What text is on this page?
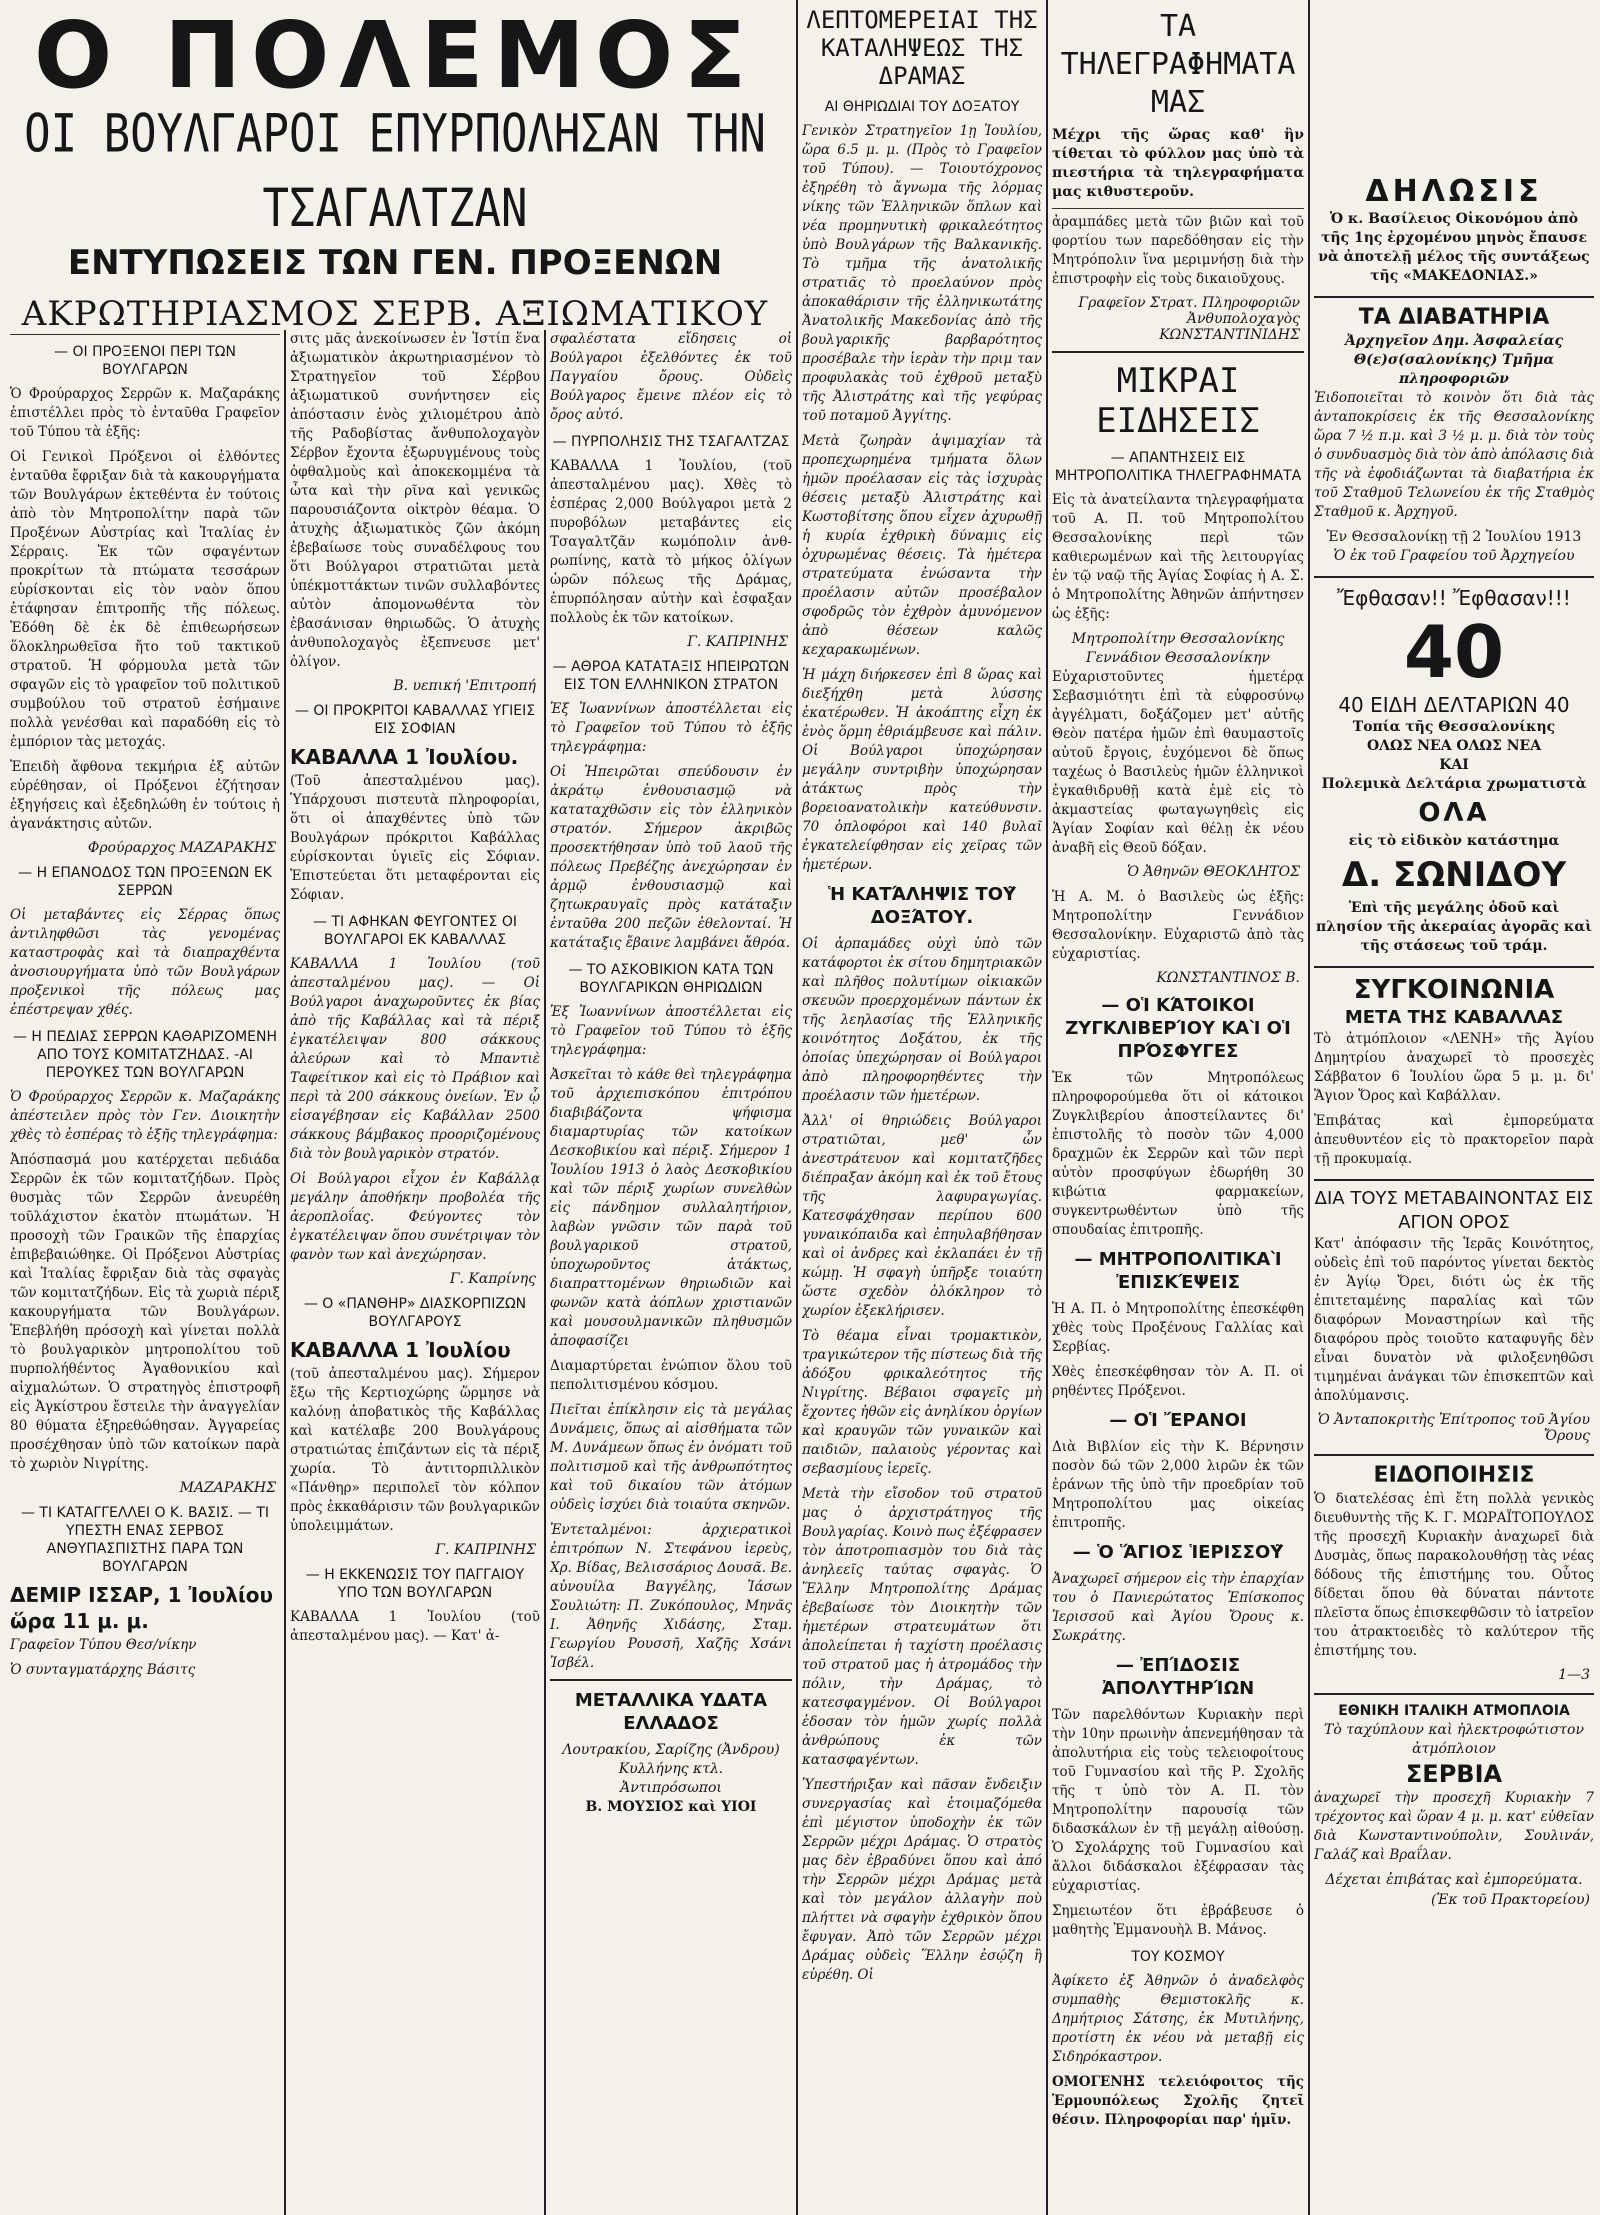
Ο ΠΟΛΕΜΟΣ
ΟΙ ΒΟΥΛΓΑΡΟΙ ΕΠΥΡΠΟΛΗΣΑΝ ΤΗΝ ΤΣΑΓΑΛΤΖΑΝ
ΕΝΤΥΠΩΣΕΙΣ ΤΩΝ ΓΕΝ. ΠΡΟΞΕΝΩΝ
ΑΚΡΩΤΗΡΙΑΣΜΟΣ ΣΕΡΒ. ΑΞΙΩΜΑΤΙΚΟΥ
— ΟΙ ΠΡΟΞΕΝΟΙ ΠΕΡΙ ΤΩΝ ΒΟΥΛΓΑΡΩΝ

Ὁ Φρούραρχος Σερρῶν κ. Μαζαράκης ἐπιστέλλει πρὸς τὸ ἐνταῦθα Γραφεῖον τοῦ Τύπου τὰ ἑξῆς:

Οἱ Γενικοὶ Πρόξενοι οἱ ἐλθόντες ἐνταῦθα ἔφριξαν διὰ τὰ κακουργήματα τῶν Βουλγάρων ἐκτεθέντα ἐν τούτοις ἀπὸ τὸν Μητροπολίτην παρὰ τῶν Προξένων Αὐστρίας καὶ Ἰταλίας ἐν Σέρραις. Ἐκ τῶν σφαγέντων προκρίτων τὰ πτώματα τεσσάρων εὑρίσκονται εἰς τὸν ναὸν ὅπου ἐτάφησαν ἐπιτροπῆς τῆς πόλεως. Ἐδόθη δὲ ἐκ δὲ ἐπιθεωρήσεων ὅλοκληρωθεῖσα ἤτο τοῦ τακτικοῦ στρατοῦ. Ἡ φόρμουλα μετὰ τῶν σφαγῶν εἰς τὸ γραφεῖον τοῦ πολιτικοῦ συμβούλου τοῦ στρατοῦ ἐσήμαινε πολλὰ γενέσθαι καὶ παραδόθη εἰς τὸ ἐμπόριον τὰς μετοχάς.

Ἐπειδὴ ἄφθονα τεκμήρια ἐξ αὐτῶν εὑρέθησαν, οἱ Πρόξενοι ἐζήτησαν ἐξηγήσεις καὶ ἐξεδηλώθη ἐν τούτοις ἡ ἀγανάκτησις αὐτῶν.

Φρούραρχος ΜΑΖΑΡΑΚΗΣ
— Η ΕΠΑΝΟΔΟΣ ΤΩΝ ΠΡΟΞΕΝΩΝ ΕΚ ΣΕΡΡΩΝ

Οἱ μεταβάντες εἰς Σέρρας ὅπως ἀντιληφθῶσι τὰς γενομένας καταστροφὰς καὶ τὰ διαπραχθέντα ἀνοσιουργήματα ὑπὸ τῶν Βουλγάρων προξενικοὶ τῆς πόλεως μας ἐπέστρεψαν χθές.

— Η ΠΕΔΙΑΣ ΣΕΡΡΩΝ ΚΑΘΑΡΙΖΟΜΕΝΗ ΑΠΟ ΤΟΥΣ ΚΟΜΙΤΑΤΖΗΔΑΣ. -ΑΙ ΠΕΡΟΥΚΕΣ ΤΩΝ ΒΟΥΛΓΑΡΩΝ

Ὁ Φρούραρχος Σερρῶν κ. Μαζαράκης ἀπέστειλεν πρὸς τὸν Γεν. Διοικητὴν χθὲς τὸ ἑσπέρας τὸ ἑξῆς τηλεγράφημα:

Ἀπόσπασμά μου κατέρχεται πεδιάδα Σερρῶν ἐκ τῶν κομιτατζήδων. Πρὸς θυσμὰς τῶν Σερρῶν ἀνευρέθη τοῦλάχιστον ἑκατὸν πτωμάτων. Ἡ προσοχὴ τῶν Γραικῶν τῆς ἐπαρχίας ἐπιβεβαιώθηκε. Οἱ Πρόξενοι Αὐστρίας καὶ Ἰταλίας ἔφριξαν διὰ τὰς σφαγὰς τῶν κομιτατζήδων. Εἰς τὰ χωριὰ πέριξ κακουργήματα τῶν Βουλγάρων. Ἐπεβλήθη πρόσοχὴ καὶ γίνεται πολλὰ τὸ βουλγαρικὸν μητροπολίτου τοῦ πυρπολήθέντος Ἀγαθονικίου καὶ αἰχμαλώτων. Ὁ στρατηγὸς ἐπιστροφῆ εἰς Ἀγκίστρου ἔστειλε τὴν ἀναγγελίαν 80 θύματα ἐξηρεθώθησαν. Ἀγγαρείας προσέχθησαν ὑπὸ τῶν κατοίκων παρὰ τὸ χωριὸν Νιγρίτης.

ΜΑΖΑΡΑΚΗΣ
— ΤΙ ΚΑΤΑΓΓΕΛΛΕΙ Ο Κ. ΒΑΣΙΣ. — ΤΙ ΥΠΕΣΤΗ ΕΝΑΣ ΣΕΡΒΟΣ ΑΝΘΥΠΑΣΠΙΣΤΗΣ ΠΑΡΑ ΤΩΝ ΒΟΥΛΓΑΡΩΝ
ΔΕΜΙΡ ΙΣΣΑΡ, 1 Ἰουλίου ὥρα 11 μ. μ.

Γραφεῖον Τύπου Θεσ/νίκην

Ὁ συνταγματάρχης Βάσιτς

σιτς μᾶς ἀνεκοίνωσεν ἐν Ἰστίπ ἕνα ἀξιωματικὸν ἀκρωτηριασμένον τὸ Στρατηγεῖον τοῦ Σέρβου ἀξιωματικοῦ συνήντησεν εἰς ἀπόστασιν ἑνὸς χιλιομέτρου ἀπὸ τῆς Ραδοβίστας ἄνθυπολοχαγὸν Σέρβον ἔχοντα ἐξωρυγμένους τοὺς ὀφθαλμοὺς καὶ ἀποκεκομμένα τὰ ὦτα καὶ τὴν ρῖνα καὶ γενικῶς παρουσιάζοντα οἰκτρὸν θέαμα. Ὁ ἀτυχὴς ἀξιωματικὸς ζῶν ἀκόμη ἐβεβαίωσε τοὺς συναδέλφους του ὅτι Βούλγαροι στρατιῶται μετὰ ὑπέκμοττάκτων τινῶν συλλαβόντες αὐτὸν ἀπομονωθέντα τὸν ἐβασάνισαν θηριωδῶς. Ὁ ἀτυχὴς ἀνθυπολοχαγὸς ἐξεπνευσε μετ' ὀλίγον.

Β. υεπική 'Επιτροπή
— ΟΙ ΠΡΟΚΡΙΤΟΙ ΚΑΒΑΛΛΑΣ ΥΓΙΕΙΣ ΕΙΣ ΣΟΦΙΑΝ
ΚΑΒΑΛΛΑ 1 Ἰουλίου.

(Τοῦ ἀπεσταλμένου μας). Ὑπάρχουσι πιστευτὰ πληροφορίαι, ὅτι οἱ ἀπαχθέντες ὑπὸ τῶν Βουλγάρων πρόκριτοι Καβάλλας εὑρίσκονται ὑγιεῖς εἰς Σόφιαν. Ἐπιστεύεται ὅτι μεταφέρονται εἰς Σόφιαν.

— ΤΙ ΑΦΗΚΑΝ ΦΕΥΓΟΝΤΕΣ ΟΙ ΒΟΥΛΓΑΡΟΙ ΕΚ ΚΑΒΑΛΛΑΣ

ΚΑΒΑΛΛΑ 1 Ἰουλίου (τοῦ ἀπεσταλμένου μας). — Οἱ Βούλγαροι ἀναχωροῦντες ἐκ βίας ἀπὸ τῆς Καβάλλας καὶ τὰ πέριξ ἐγκατέλειψαν 800 σάκκους ἀλεύρων καὶ τὸ Μπαντιὲ Ταφείτικον καὶ εἰς τὸ Πράβιον καὶ περὶ τὰ 200 σάκκους ὀνείων. Ἐν ᾧ εἰσαγέβησαν εἰς Καβάλλαν 2500 σάκκους βάμβακος προοριζομένους διὰ τὸν βουλγαρικὸν στρατόν.

Οἱ Βούλγαροι εἶχον ἐν Καβάλλᾳ μεγάλην ἀποθήκην προβολέα τῆς ἀεροπλοΐας. Φεύγοντες τὸν ἐγκατέλειψαν ὅπου συνέτριψαν τὸν φανὸν των καὶ ἀνεχώρησαν.

Γ. Καπρίνης
— Ο «ΠΑΝΘΗΡ» ΔΙΑΣΚΟΡΠΙΖΩΝ ΒΟΥΛΓΑΡΟΥΣ
ΚΑΒΑΛΛΑ 1 Ἰουλίου

(τοῦ ἀπεσταλμένου μας). Σήμερον ἔξω τῆς Κερτιοχώρης ὥρμησε νὰ καλόνῃ ἀποβατικὸς τῆς Καβάλλας καὶ κατέλαβε 200 Βουλγάρους στρατιώτας ἐπιζάντων εἰς τὰ πέριξ χωρία. Τὸ ἀντιτορπιλλικὸν «Πάνθηρ» περιπολεῖ τὸν κόλπον πρὸς ἐκκαθάρισιν τῶν βουλγαρικῶν ὑπολειμμάτων.

Γ. ΚΑΠΡΙΝΗΣ
— Η ΕΚΚΕΝΩΣΙΣ ΤΟΥ ΠΑΓΓΑΙΟΥ ΥΠΟ ΤΩΝ ΒΟΥΛΓΑΡΩΝ

ΚΑΒΑΛΛΑ 1 Ἰουλίου (τοῦ ἀπεσταλμένου μας). — Κατ' ἀ-

σφαλέστατα εἴδησεις οἱ Βούλγαροι ἐξελθόντες ἐκ τοῦ Παγγαίου ὄρους. Οὐδεὶς Βούλγαρος ἔμεινε πλέον εἰς τὸ ὄρος αὐτό.

— ΠΥΡΠΟΛΗΣΙΣ ΤΗΣ ΤΣΑΓΑΛΤΖΑΣ

ΚΑΒΑΛΛΑ 1 Ἰουλίου, (τοῦ ἀπεσταλμένου μας). Χθὲς τὸ ἑσπέρας 2,000 Βούλγαροι μετὰ 2 πυροβόλων μεταβάντες εἰς Τσαγαλτζᾶν κωμόπολιν ἀνθ-ρωπίνης, κατὰ τὸ μήκος ὀλίγων ὡρῶν πόλεως τῆς Δράμας, ἐπυρπόλησαν αὐτὴν καὶ ἐσφαξαν πολλοὺς ἐκ τῶν κατοίκων.

Γ. ΚΑΠΡΙΝΗΣ
— ΑΘΡΟΑ ΚΑΤΑΤΑΞΙΣ ΗΠΕΙΡΩΤΩΝ ΕΙΣ ΤΟΝ ΕΛΛΗΝΙΚΟΝ ΣΤΡΑΤΟΝ

Ἐξ Ἰωαννίνων ἀποστέλλεται εἰς τὸ Γραφεῖον τοῦ Τύπου τὸ ἑξῆς τηλεγράφημα:

Οἱ Ἠπειρῶται σπεύδουσιν ἐν ἀκράτῳ ἐνθουσιασμῷ νὰ καταταχθῶσιν εἰς τὸν ἑλληνικὸν στρατόν. Σήμερον ἀκριβῶς προσεκτήθησαν ὑπὸ τοῦ λαοῦ τῆς πόλεως Πρεβέζης ἀνεχώρησαν ἐν ἀρμῷ ἐνθουσιασμῷ καὶ ζητωκραυγαῖς πρὸς κατάταξιν ἐνταῦθα 200 πεζῶν ἐθελονταί. Ἡ κατάταξις ἔβαινε λαμβάνει ἄθρόα.

— ΤΟ ΑΣΚΟΒΙΚΙΟΝ ΚΑΤΑ ΤΩΝ ΒΟΥΛΓΑΡΙΚΩΝ ΘΗΡΙΩΔΙΩΝ

Ἐξ Ἰωαννίνων ἀποστέλλεται εἰς τὸ Γραφεῖον τοῦ Τύπου τὸ ἑξῆς τηλεγράφημα:

Ἀσκεῖται τὸ κάθε θεὶ τηλεγράφημα τοῦ ἀρχιεπισκόπου ἐπιτρόπου διαβιβάζοντα ψήφισμα διαμαρτυρίας τῶν κατοίκων Δεσκοβικίου καὶ πέριξ. Σήμερον 1 Ἰουλίου 1913 ὁ λαὸς Δεσκοβικίου καὶ τῶν πέριξ χωρίων συνελθὼν εἰς πάνδημον συλλαλητήριον, λαβὼν γνῶσιν τῶν παρὰ τοῦ βουλγαρικοῦ στρατοῦ, ὑποχωροῦντος ἀτάκτως, διαπραττομένων θηριωδιῶν καὶ φωνῶν κατὰ ἀόπλων χριστιανῶν καὶ μουσουλμανικῶν πληθυσμῶν ἀποφασίζει

Διαμαρτύρεται ἐνώπιον ὅλου τοῦ πεπολιτισμένου κόσμου.

Πιεῖται ἐπίκλησιν εἰς τὰ μεγάλας Δυνάμεις, ὅπως αἱ αἰσθήματα τῶν Μ. Δυνάμεων ὅπως ἐν ὀνόματι τοῦ πολιτισμοῦ καὶ τῆς ἀνθρωπότητος καὶ τοῦ δικαίου τῶν ἀτόμων οὐδεὶς ἰσχύει διὰ τοιαύτα σκηνῶν.

Ἐντεταλμένοι: ἀρχιερατικοὶ ἐπιτρόπων Ν. Στεφάνου ἰερεὺς, Χρ. Βίδας, Βελισσάριος Δουσᾶ. Βε. αὐνουίλα Βαγγέλης, Ἰάσων Σουλιώτη: Π. Ζυκόπουλος, Μηνᾶς Ι. Ἀθηνῆς Χιδάσης, Σταμ. Γεωργίου Ρουσσῆ, Χαζῆς Χσάνι Ἰσβέλ.

ΜΕΤΑΛΛΙΚΑ ΥΔΑΤΑ ΕΛΛΑΔΟΣ

Λουτρακίου, Σαρίζης (Ἀνδρου) Κυλλήνης κτλ.

Ἀντιπρόσωποι

Β. ΜΟΥΣΙΟΣ καὶ ΥΙΟΙ

ΛΕΠΤΟΜΕΡΕΙΑΙ ΤΗΣ ΚΑΤΑΛΗΨΕΩΣ ΤΗΣ ΔΡΑΜΑΣ
ΑΙ ΘΗΡΙΩΔΙΑΙ ΤΟΥ ΔΟΞΑΤΟΥ

Γενικὸν Στρατηγεῖον 1ῃ Ἰουλίου, ὥρα 6.5 μ. μ. (Πρὸς τὸ Γραφεῖον τοῦ Τύπου). — Τοιουτόχρονος ἐξηρέθη τὸ ἄγνωμα τῆς λόρμας νίκης τῶν Ἑλληνικῶν ὅπλων καὶ νέα προμηνυτικὴ φρικαλεότητος ὑπὸ Βουλγάρων τῆς Βαλκανικῆς. Τὸ τμῆμα τῆς ἀνατολικῆς στρατιᾶς τὸ προελαύνον πρὸς ἀποκαθάρισιν τῆς ἑλληνικωτάτης Ἀνατολικῆς Μακεδονίας ἀπὸ τῆς βουλγαρικῆς βαρβαρότητος προσέβαλε τὴν ἱερὰν τὴν πριμ ταν προφυλακὰς τοῦ ἐχθροῦ μεταξὺ τῆς Ἀλιστράτης καὶ τῆς γεφύρας τοῦ ποταμοῦ Ἀγγίτης.

Μετὰ ζωηρὰν ἀψιμαχίαν τὰ προπεχωρημένα τμήματα ὅλων ἡμῶν προέλασαν εἰς τὰς ἰσχυρὰς θέσεις μεταξὺ Ἀλιστράτης καὶ Κωστοβίτσης ὅπου εἶχεν ἀχυρωθῇ ἡ κυρία ἐχθρικὴ δύναμις εἰς ὀχυρωμένας θέσεις. Τὰ ἡμέτερα στρατεύματα ἐνώσαντα τὴν προέλασιν αὐτῶν προσέβαλον σφοδρῶς τὸν ἐχθρὸν ἀμυνόμενον ἀπὸ θέσεων καλῶς κεχαρακωμένων.

Ἡ μάχη διήρκεσεν ἐπὶ 8 ὥρας καὶ διεξήχθη μετὰ λύσσης ἐκατέρωθεν. Ἡ ἀκοάπτης εἶχη ἐκ ἑνὸς ὅρμη ἐθριάμβευσε καὶ πάλιν. Οἱ Βούλγαροι ὑποχώρησαν μεγάλην συντριβὴν ὑποχώρησαν ἀτάκτως πρὸς τὴν βορειοανατολικὴν κατεύθυνσιν. 70 ὁπλοφόροι καὶ 140 βυλαῖ ἐγκατελείφθησαν εἰς χεῖρας τῶν ἡμετέρων.

Ἡ ΚΑΤΆΛΗΨΙΣ ΤΟΥ͂ ΔΟΞΆΤΟΥ.

Οἱ ἀρπαμάδες οὐχὶ ὑπὸ τῶν κατάφορτοι ἐκ σίτου δημητριακῶν καὶ πλῆθος πολυτίμων οἰκιακῶν σκευῶν προερχομένων πάντων ἐκ τῆς λεηλασίας τῆς Ἑλληνικῆς κοινότητος Δοξάτου, ἐκ τῆς ὁποίας ὑπεχώρησαν οἱ Βούλγαροι ἀπὸ πληροφορηθέντες τὴν προέλασιν τῶν ἡμετέρων.

Ἀλλ' οἱ θηριώδεις Βούλγαροι στρατιῶται, μεθ' ὧν ἀνεστράτευον καὶ κομιτατζῆδες διέπραξαν ἀκόμη καὶ ἐκ τοῦ ἔτους τῆς λαφυραγωγίας. Κατεσφάχθησαν περίπου 600 γυναικόπαιδα καὶ ἐπηυλαβήθησαν καὶ οἱ ἀνδρες καὶ ἐκλαπάει ἐν τῇ κώμῃ. Ἡ σφαγὴ ὑπῆρξε τοιαύτη ὥστε σχεδὸν ὁλόκληρον τὸ χωρίον ἐξεκλήρισεν.

Τὸ θέαμα εἶναι τρομακτικὸν, τραγικώτερον τῆς πίστεως διὰ τῆς ἀδόξου φρικαλεότητος τῆς Νιγρίτης. Βέβαιοι σφαγεῖς μὴ ἔχοντες ἠθῶν εἰς ἀνηλίκου ὀργίων καὶ κραυγῶν τῶν γυναικῶν καὶ παιδιῶν, παλαιοὺς γέροντας καὶ σεβασμίους ἱερεῖς.

Μετὰ τὴν εἴσοδον τοῦ στρατοῦ μας ὁ ἀρχιστράτηγος τῆς Βουλγαρίας. Κοινὸ πως ἐξέφρασεν τὸν ἀποτροπιασμὸν του διὰ τὰς ἀνηλεεῖς ταύτας σφαγὰς. Ὁ Ἕλλην Μητροπολίτης Δράμας ἐβεβαίωσε τὸν Διοικητὴν τῶν ἡμετέρων στρατευμάτων ὅτι ἀπολείπεται ἡ ταχίστη προέλασις τοῦ στρατοῦ μας ἡ ἀτρομάδος τὴν πόλιν, τὴν Δράμας, τὸ κατεσφαγμένον. Οἱ Βούλγαροι ἐδοσαν τὸν ἡμῶν χωρίς πολλὰ ἀνθρώπους ἐκ τῶν κατασφαγέντων.

Ὑπεστήριξαν καὶ πᾶσαν ἔνδειξιν συνεργασίας καὶ ἑτοιμαζόμεθα ἐπὶ μέγιστον ὑποδοχὴν ἐκ τῶν Σερρῶν μέχρι Δράμας. Ὁ στρατὸς μας δὲν ἐβραδύνει ὅπου καὶ ἀπό τὴν Σερρῶν μέχρι Δράμας μετὰ καὶ τὸν μεγάλον ἀλλαγὴν ποὺ πλήττει νὰ σφαγὴν ἐχθρικὸν ὅπου ἔφυγαν. Ἀπὸ τῶν Σερρῶν μέχρι Δράμας οὐδεὶς Ἕλλην ἐσῴζη ἢ εὑρέθη. Οἱ

ΤΑ ΤΗΛΕΓΡΑΦΗΜΑΤΑ ΜΑΣ

Μέχρι τῆς ὥρας καθ' ἣν τίθεται τὸ φύλλον μας ὑπὸ τὰ πιεστήρια τὰ τηλεγραφήματα μας κιθυστεροῦν.

ἀραμπάδες μετὰ τῶν βιῶν καὶ τοῦ φορτίου των παρεδόθησαν εἰς τὴν Μητρόπολιν ἵνα μεριμνήσῃ διὰ τὴν ἐπιστροφὴν εἰς τοὺς δικαιοῦχους.

Γραφεῖον Στρατ. Πληροφοριῶν Ἀνθυπολοχαγὸς ΚΩΝΣΤΑΝΤΙΝΙΔΗΣ
ΜΙΚΡΑΙ ΕΙΔΗΣΕΙΣ
— ΑΠΑΝΤΗΣΕΙΣ ΕΙΣ ΜΗΤΡΟΠΟΛΙΤΙΚΑ ΤΗΛΕΓΡΑΦΗΜΑΤΑ

Εἰς τὰ ἀνατείλαντα τηλεγραφήματα τοῦ Α. Π. τοῦ Μητροπολίτου Θεσσαλονίκης περὶ τῶν καθιερωμένων καὶ τῆς λειτουργίας ἐν τῷ ναῷ τῆς Ἁγίας Σοφίας ἡ Α. Σ. ὁ Μητροπολίτης Ἀθηνῶν ἀπήντησεν ὡς ἑξῆς:

Μητροπολίτην Θεσσαλονίκης Γεννάδιον Θεσσαλονίκην

Εὐχαριστοῦντες ἡμετέρᾳ Σεβασμιότητι ἐπὶ τὰ εὐφροσύνῳ ἀγγέλματι, δοξάζομεν μετ' αὐτῆς Θεὸν πατέρα ἡμῶν ἐπὶ θαυμαστοῖς αὐτοῦ ἔργοις, ἐυχόμενοι δὲ ὅπως ταχέως ὁ Βασιλεὺς ἡμῶν ἑλληνικοὶ ἐγκαθιδρυθῇ κατὰ ἐμὲ εἰς τὸ ἀκμαστείας φωταγωγηθεὶς εἰς Ἁγίαν Σοφίαν καὶ θέλῃ ἐκ νέου ἀναβῆ εἰς Θεοῦ δόξαν.

Ὁ Ἀθηνῶν ΘΕΟΚΛΗΤΟΣ

Ἡ Α. Μ. ὁ Βασιλεὺς ὡς ἑξῆς: Μητροπολίτην Γεννάδιον Θεσσαλονίκην. Εὐχαριστῶ ἀπὸ τὰς εὐχαριστίας.

ΚΩΝΣΤΑΝΤΙΝΟΣ Β.
— ΟἹ ΚΆΤΟΙΚΟΙ ΖΥΓΚΛΙΒΕΡΊΟΥ ΚΑῚ ΟἹ ΠΡΌΣΦΥΓΕΣ

Ἐκ τῶν Μητροπόλεως πληροφορούμεθα ὅτι οἱ κάτοικοι Ζυγκλιβερίου ἀποστείλαντες δι' ἐπιστολῆς τὸ ποσὸν τῶν 4,000 δραχμῶν ἐκ Σερρῶν καὶ τῶν περὶ αὐτὸν προσφύγων ἐδωρήθη 30 κιβώτια φαρμακείων, συγκεντρωθέντων ὑπὸ τῆς σπουδαίας ἐπιτροπῆς.

— ΜΗΤΡΟΠΟΛΙΤΙΚΑῚ ἘΠΙΣΚΈΨΕΙΣ

Ἡ Α. Π. ὁ Μητροπολίτης ἐπεσκέφθη χθὲς τοὺς Προξένους Γαλλίας καὶ Σερβίας.

Χθὲς ἐπεσκέφθησαν τὸν Α. Π. οἱ ρηθέντες Πρόξενοι.

— ΟἹ ἜΡΑΝΟΙ

Διὰ Βιβλίον εἰς τὴν Κ. Βέρνησιν ποσὸν δώ τῶν 2,000 λιρῶν ἐκ τῶν ἐράνων τῆς ὑπὸ τῆν προεδρίαν τοῦ Μητροπολίτου μας οἰκείας ἐπιτροπῆς.

— Ὁ ἍΓΙΟΣ ἹΕΡΙΣΣΟΥ͂

Ἀναχωρεῖ σήμερον εἰς τὴν ἐπαρχίαν του ὁ Πανιερώτατος Ἐπίσκοπος Ἱερισσοῦ καὶ Ἁγίου Ὄρους κ. Σωκράτης.

— ἘΠΊΔΟΣΙΣ ἈΠΟΛΥΤΗΡΊΩΝ

Τῶν παρελθόντων Κυριακὴν περὶ τὴν 10ην πρωινὴν ἀπενεμήθησαν τὰ ἀπολυτήρια εἰς τοὺς τελειοφοίτους τοῦ Γυμνασίου καὶ τῆς Ρ. Σχολῆς τῆς τ ὑπὸ τὸν Α. Π. τὸν Μητροπολίτην παρουσίᾳ τῶν διδασκάλων ἐν τῇ μεγάλῃ αἰθούσῃ. Ὁ Σχολάρχης τοῦ Γυμνασίου καὶ ἄλλοι διδάσκαλοι ἐξέφρασαν τὰς εὐχαριστίας.

Σημειωτέον ὅτι ἐβράβευσε ὁ μαθητὴς Ἐμμανουὴλ Β. Μάνος.

ΤΟΥ ΚΟΣΜΟΥ

Ἀφίκετο ἐξ Ἀθηνῶν ὁ ἀναδελφὸς συμπαθὴς Θεμιστοκλῆς κ. Δημήτριος Σάτσης, ἐκ Μυτιλήνης, προτίστη ἐκ νέου νὰ μεταβῇ εἰς Σιδηρόκαστρον.

ΟΜΟΓΕΝΗΣ τελειόφοιτος τῆς Ἑρμουπόλεως Σχολῆς ζητεῖ θέσιν. Πληροφορίαι παρ' ἡμῖν.

ΔΗΛΩΣΙΣ

Ὁ κ. Βασίλειος Οἰκονόμου ἀπὸ τῆς 1ης ἐρχομένου μηνὸς ἔπαυσε νὰ ἀποτελῇ μέλος τῆς συντάξεως τῆς «ΜΑΚΕΔΟΝΙΑΣ.»

ΤΑ ΔΙΑΒΑΤΗΡΙΑ

Ἀρχηγεῖον Δημ. Ἀσφαλείας Θ(ε)σ(σαλονίκης) Τμῆμα πληροφοριῶν

Ἐιδοποιεῖται τὸ κοινὸν ὅτι διὰ τὰς ἀνταποκρίσεις ἐκ τῆς Θεσσαλονίκης ὥρα 7 ½ π.μ. καὶ 3 ½ μ. μ. διὰ τὸν τοὺς ὁ συνδυασμὸς διὰ τὸν ἀπὸ ἀπόλασις διὰ τῆς νὰ ἐφοδιάζωνται τὰ διαβατήρια ἐκ τοῦ Σταθμοῦ Τελωνείου ἐκ τῆς Σταθμὸς Σταθμοῦ κ. Ἀρχηγοῦ.

Ἐν Θεσσαλονίκῃ τῇ 2 Ἰουλίου 1913

Ὁ ἐκ τοῦ Γραφείου τοῦ Ἀρχηγείου

Ἔφθασαν!! Ἔφθασαν!!!
40
40 ΕΙΔΗ ΔΕΛΤΑΡΙΩΝ 40

Τοπία τῆς Θεσσαλονίκης

ΟΛΩΣ ΝΕΑ ΟΛΩΣ ΝΕΑ

ΚΑΙ

Πολεμικὰ Δελτάρια χρωματιστὰ

ΟΛΑ

εἰς τὸ εἰδικὸν κατάστημα

Δ. ΣΩΝΙΔΟΥ

Ἐπὶ τῆς μεγάλης ὁδοῦ καὶ πλησίον τῆς ἀκεραίας ἀγορᾶς καὶ τῆς στάσεως τοῦ τράμ.

ΣΥΓΚΟΙΝΩΝΙΑ
ΜΕΤΑ ΤΗΣ ΚΑΒΑΛΛΑΣ

Τὸ ἀτμόπλοιον «ΛΕΝΗ» τῆς Ἀγίου Δημητρίου ἀναχωρεῖ τὸ προσεχὲς Σάββατον 6 Ἰουλίου ὥρα 5 μ. μ. δι' Ἅγιον Ὄρος καὶ Καβάλλαν.

Ἐπιβάτας καὶ ἐμπορεύματα ἀπευθυντέον εἰς τὸ πρακτορεῖον παρὰ τῇ προκυμαίᾳ.

ΔΙΑ ΤΟΥΣ ΜΕΤΑΒΑΙΝΟΝΤΑΣ ΕΙΣ ΑΓΙΟΝ ΟΡΟΣ

Κατ' ἀπόφασιν τῆς Ἱερᾶς Κοινότητος, οὐδεὶς ἐπὶ τοῦ παρόντος γίνεται δεκτὸς ἐν Ἁγίῳ Ὄρει, διότι ὡς ἐκ τῆς ἐπιτεταμένης παραλίας καὶ τῶν διαφόρων Μοναστηρίων καὶ τῆς διαφόρου πρὸς τοιοῦτο καταφυγῆς δὲν εἶναι δυνατὸν νὰ φιλοξενηθῶσι τιμημέναι ἀνάγκαι τῶν ἐπισκεπτῶν καὶ ἀπολύμανσις.

Ὁ Ἀνταποκριτὴς Ἐπίτροπος τοῦ Ἁγίου Ὄρους
ΕΙΔΟΠΟΙΗΣΙΣ

Ὁ διατελέσας ἐπὶ ἔτη πολλὰ γενικὸς διευθυντὴς τῆς Κ. Γ. ΜΩΡΑΪΤΟΠΟΥΛΟΣ τῆς προσεχῆ Κυριακὴν ἀναχωρεῖ διὰ Δυσμὰς, ὅπως παρακολουθήσῃ τὰς νέας δόδους τῆς ἐπιστήμης του. Οὗτος δίδεται ὅπου θὰ δύναται πάντοτε πλεῖστα ὅπως ἐπισκεφθῶσιν τὸ ἰατρεῖον του ἀτρακτοειδὲς τὸ καλύτερον τῆς ἐπιστήμης του.

1—3
ΕΘΝΙΚΗ ΙΤΑΛΙΚΗ ΑΤΜΟΠΛΟΙΑ

Τὸ ταχύπλουν καὶ ἠλεκτροφώτιστον ἀτμόπλοιον

ΣΕΡΒΙΑ

ἀναχωρεῖ τὴν προσεχῆ Κυριακὴν 7 τρέχοντος καὶ ὥραν 4 μ. μ. κατ' εὐθεῖαν διὰ Κωνσταντινούπολιν, Σουλινάν, Γαλάζ καὶ Βραΐλαν.

Δέχεται ἐπιβάτας καὶ ἐμπορεύματα.

(Ἐκ τοῦ Πρακτορείου)
